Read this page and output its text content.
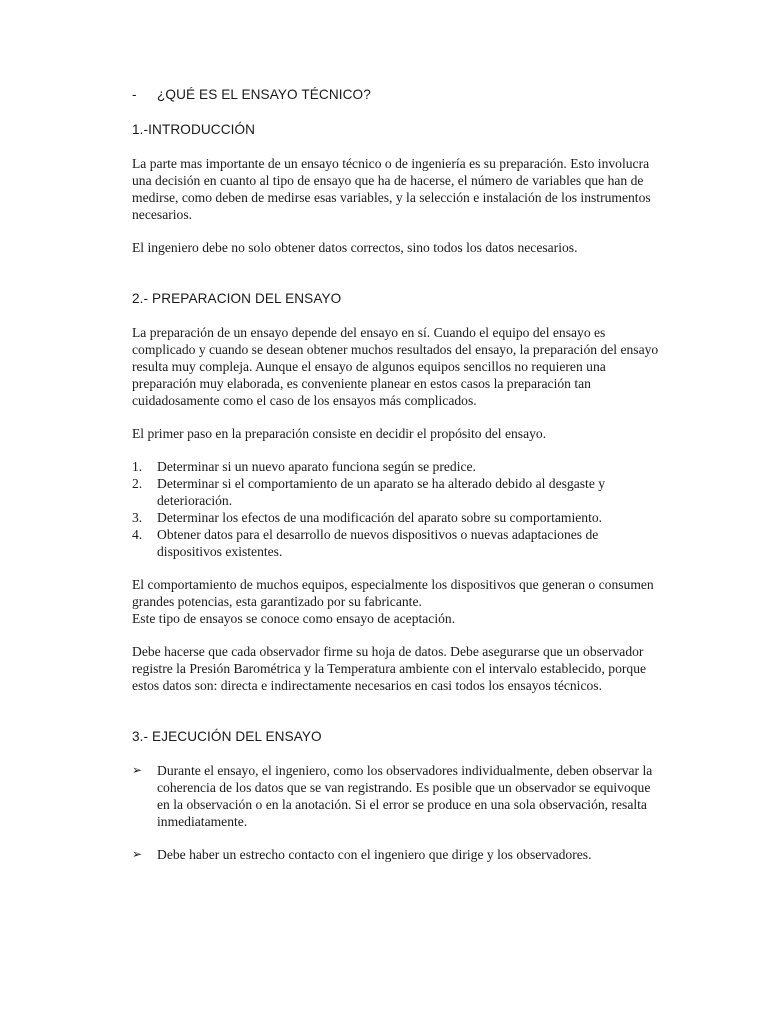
-	¿QUÉ ES EL ENSAYO TÉCNICO?

1.-INTRODUCCIÓN

La parte mas importante de un ensayo técnico o de ingeniería es su preparación. Esto involucra una decisión en cuanto al tipo de ensayo que ha de hacerse, el número de variables que han de medirse, como deben de medirse esas variables, y la selección e instalación de los instrumentos necesarios.

El ingeniero debe no solo obtener datos correctos, sino todos los datos necesarios.

2.- PREPARACION DEL ENSAYO

La preparación de un ensayo depende del ensayo en sí. Cuando el equipo del ensayo es complicado y cuando se desean obtener muchos resultados del ensayo, la preparación del ensayo resulta muy compleja. Aunque el ensayo de algunos equipos sencillos no requieren una preparación muy elaborada, es conveniente planear en estos casos la preparación tan cuidadosamente como el caso de los ensayos más complicados.

El primer paso en la preparación consiste en decidir el propósito del ensayo.

1.	Determinar si un nuevo aparato funciona según se predice.
2.	Determinar si el comportamiento de un aparato se ha alterado debido al desgaste y deterioración.
3.	Determinar los efectos de una modificación del aparato sobre su comportamiento.
4.	Obtener datos para el desarrollo de nuevos dispositivos o nuevas adaptaciones de dispositivos existentes.

El comportamiento de muchos equipos, especialmente los dispositivos que generan o consumen grandes potencias, esta garantizado por su fabricante.

Este tipo de ensayos se conoce como ensayo de aceptación.

Debe hacerse que cada observador firme su hoja de datos. Debe asegurarse que un observador registre la Presión Barométrica y la Temperatura ambiente con el intervalo establecido, porque estos datos son: directa e indirectamente necesarios en casi todos los ensayos técnicos.

3.- EJECUCIÓN DEL ENSAYO

➢	Durante el ensayo, el ingeniero, como los observadores individualmente, deben observar la coherencia de los datos que se van registrando. Es posible que un observador se equivoque en la observación o en la anotación. Si el error se produce en una sola observación, resalta inmediatamente.
➢	Debe haber un estrecho contacto con el ingeniero que dirige y los observadores.
